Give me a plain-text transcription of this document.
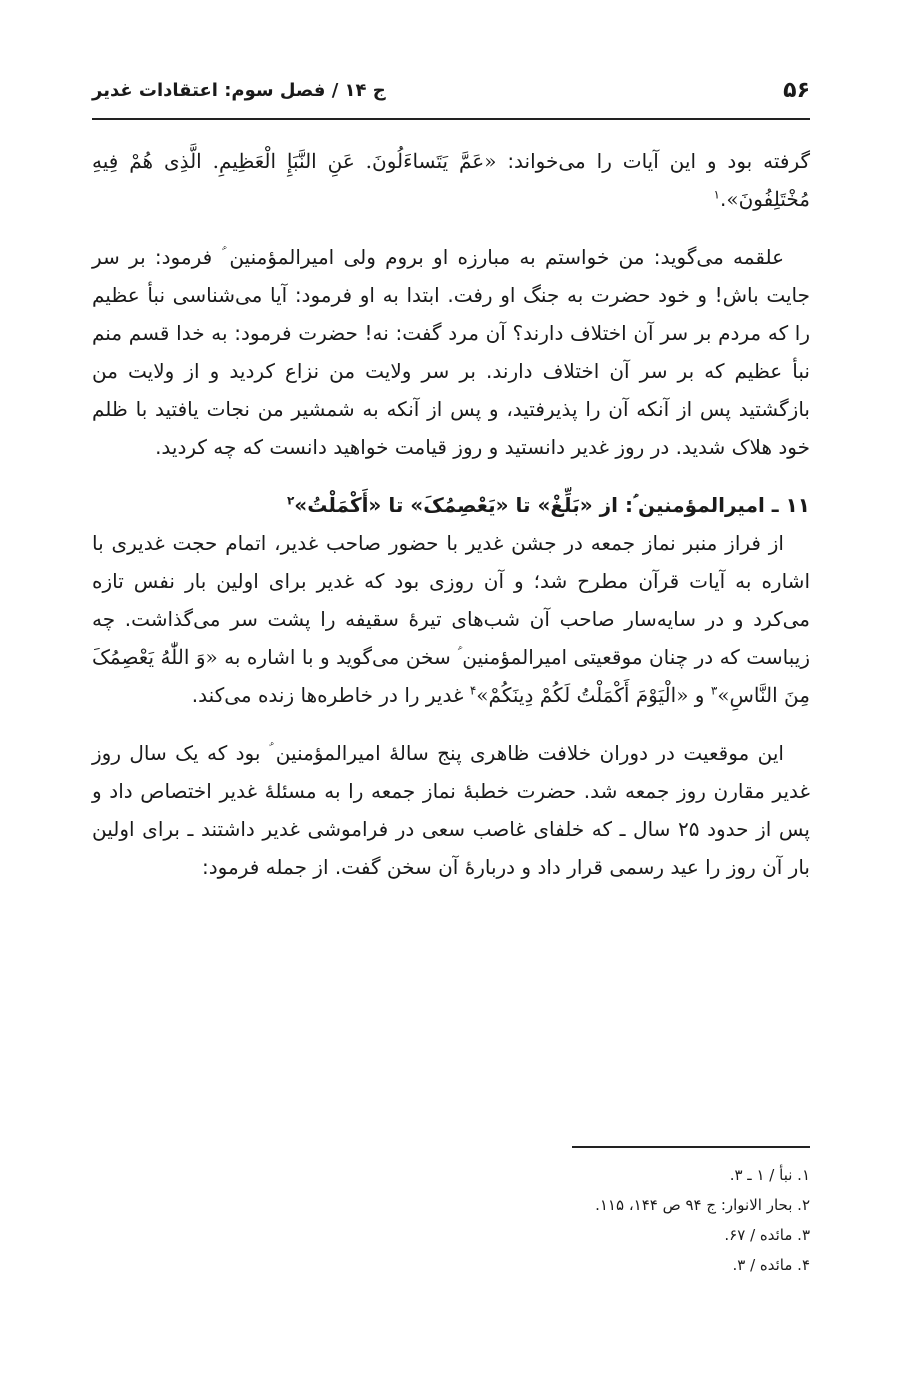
۵۶
ج ۱۴ / فصل سوم: اعتقادات غدیر

گرفته بود و این آیات را می‌خواند: «عَمَّ یَتَساءَلُونَ. عَنِ النَّبَإِ الْعَظِیمِ. الَّذِی هُمْ فِیهِ مُخْتَلِفُونَ».$^۱$

علقمه می‌گوید: من خواستم به مبارزه او بروم ولی امیرالمؤمنین ؑ فرمود: بر سر جایت باش! و خود حضرت به جنگ او رفت. ابتدا به او فرمود: آیا می‌شناسی نبأ عظیم را که مردم بر سر آن اختلاف دارند؟ آن مرد گفت: نه! حضرت فرمود: به خدا قسم منم نبأ عظیم که بر سر آن اختلاف دارند. بر سر ولایت من نزاع کردید و از ولایت من بازگشتید پس از آنکه آن را پذیرفتید، و پس از آنکه به شمشیر من نجات یافتید با ظلم خود هلاک شدید. در روز غدیر دانستید و روز قیامت خواهید دانست که چه کردید.

۱۱ ـ امیرالمؤمنین ؑ: از «بَلِّغْ» تا «یَعْصِمُکَ» تا «أَکْمَلْتُ»$^۲$

از فراز منبر نماز جمعه در جشن غدیر با حضور صاحب غدیر، اتمام حجت غدیری با اشاره به آیات قرآن مطرح شد؛ و آن روزی بود که غدیر برای اولین بار نفس تازه می‌کرد و در سایه‌سار صاحب آن شب‌های تیرهٔ سقیفه را پشت سر می‌گذاشت. چه زیباست که در چنان موقعیتی امیرالمؤمنین ؑ سخن می‌گوید و با اشاره به «وَ اللّٰهُ یَعْصِمُکَ مِنَ النَّاسِ»$^۳$ و «الْیَوْمَ أَکْمَلْتُ لَکُمْ دِینَکُمْ»$^۴$ غدیر را در خاطره‌ها زنده می‌کند.

این موقعیت در دوران خلافت ظاهری پنج سالهٔ امیرالمؤمنین ؑ بود که یک سال روز غدیر مقارن روز جمعه شد. حضرت خطبهٔ نماز جمعه را به مسئلهٔ غدیر اختصاص داد و پس از حدود ۲۵ سال ـ که خلفای غاصب سعی در فراموشی غدیر داشتند ـ برای اولین بار آن روز را عید رسمی قرار داد و دربارهٔ آن سخن گفت. از جمله فرمود:

۱. نبأ / ۱ ـ ۳.
۲. بحار الانوار: ج ۹۴ ص ۱۴۴، ۱۱۵.
۳. مائده / ۶۷.
۴. مائده / ۳.
